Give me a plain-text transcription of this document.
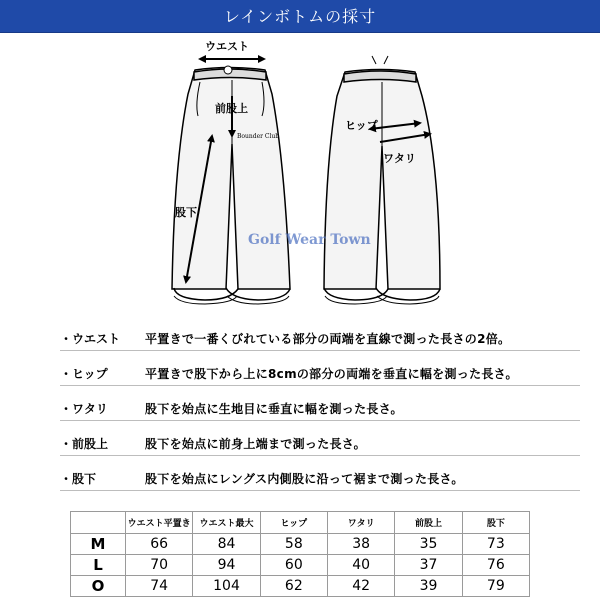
レインボトムの採寸
Bounder Club
ウエスト
前股上
股下
ヒップ
ワタリ
Golf Wear Town
・ウエスト 平置きで一番くびれている部分の両端を直線で測った長さの2倍。
・ヒップ	平置きで股下から上に8cmの部分の両端を垂直に幅を測った長さ。
・ワタリ	股下を始点に生地目に垂直に幅を測った長さ。
・前股上	股下を始点に前身上端まで測った長さ。
・股下	股下を始点にレングス内側股に沿って裾まで測った長さ。
	ウエスト平置き	ウエスト最大	ヒップ	ワタリ	前股上	股下
M	66	84	58	38	35	73
L	70	94	60	40	37	76
O	74	104	62	42	39	79
